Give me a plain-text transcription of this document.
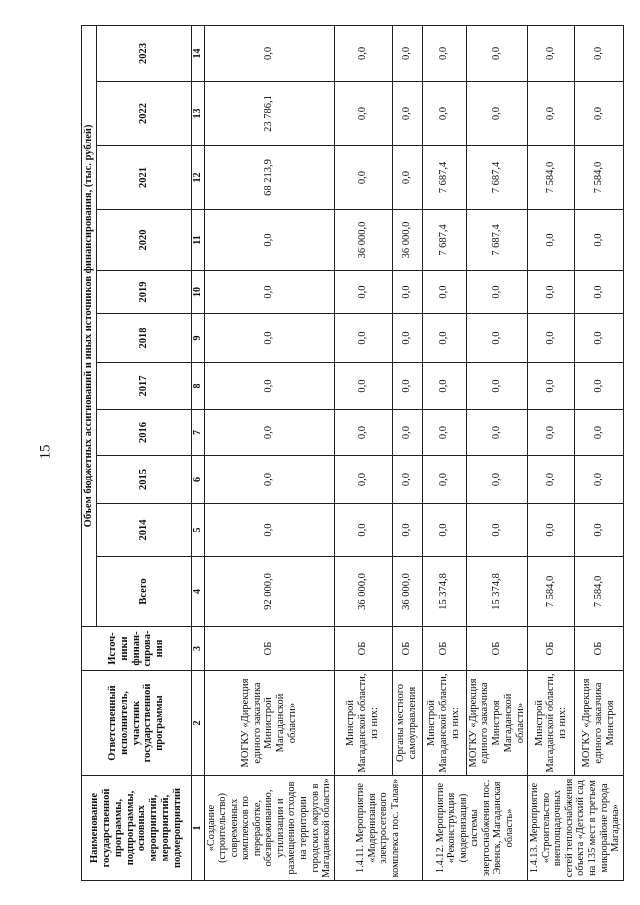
15
Наименование государственной программы, подпрограммы, основных мероприятий, мероприятий, подмероприятий	Ответственный исполнитель, участник государственной программы	Источ-ники финан-сирова-ния	Объем бюджетных ассигнований и иных источников финансирования, (тыс. рублей)										
			Всего	2014	2015	2016	2017	2018	2019	2020	2021	2022	2023
1	2	3	4	5	6	7	8	9	10	11	12	13	14
«Создание (строительство) современных комплексов по переработке, обезвреживанию, утилизации и размещению отходов на территории городских округов в Магаданской области»	МОГКУ «Дирекция единого заказчика Министрой Магаданской области»	ОБ	92 000,0	0,0	0,0	0,0	0,0	0,0	0,0	0,0	68 213,9	23 786,1	0,0
1.4.11. Мероприятие «Модернизация электросетевого комплекса пос. Талая»	Минстрой Магаданской области, из них:	ОБ	36 000,0	0,0	0,0	0,0	0,0	0,0	0,0	36 000,0	0,0	0,0	0,0
	Органы местного самоуправления	ОБ	36 000,0	0,0	0,0	0,0	0,0	0,0	0,0	36 000,0	0,0	0,0	0,0
1.4.12. Мероприятие «Реконструкция (модернизация) системы энергоснабжения пос. Эвенск, Магаданская область»	Минстрой Магаданской области, из них:	ОБ	15 374,8	0,0	0,0	0,0	0,0	0,0	0,0	7 687,4	7 687,4	0,0	0,0
	МОГКУ «Дирекция единого заказчика Минстроя Магаданской области»	ОБ	15 374,8	0,0	0,0	0,0	0,0	0,0	0,0	7 687,4	7 687,4	0,0	0,0
1.4.13. Мероприятие «Строительство внеплощадочных сетей теплоснабжения объекта «Детский сад на 135 мест в третьем микрорайоне города Магадана»	Минстрой Магаданской области, из них:	ОБ	7 584,0	0,0	0,0	0,0	0,0	0,0	0,0	0,0	7 584,0	0,0	0,0
	МОГКУ «Дирекция единого заказчика Минстроя	ОБ	7 584,0	0,0	0,0	0,0	0,0	0,0	0,0	0,0	7 584,0	0,0	0,0
